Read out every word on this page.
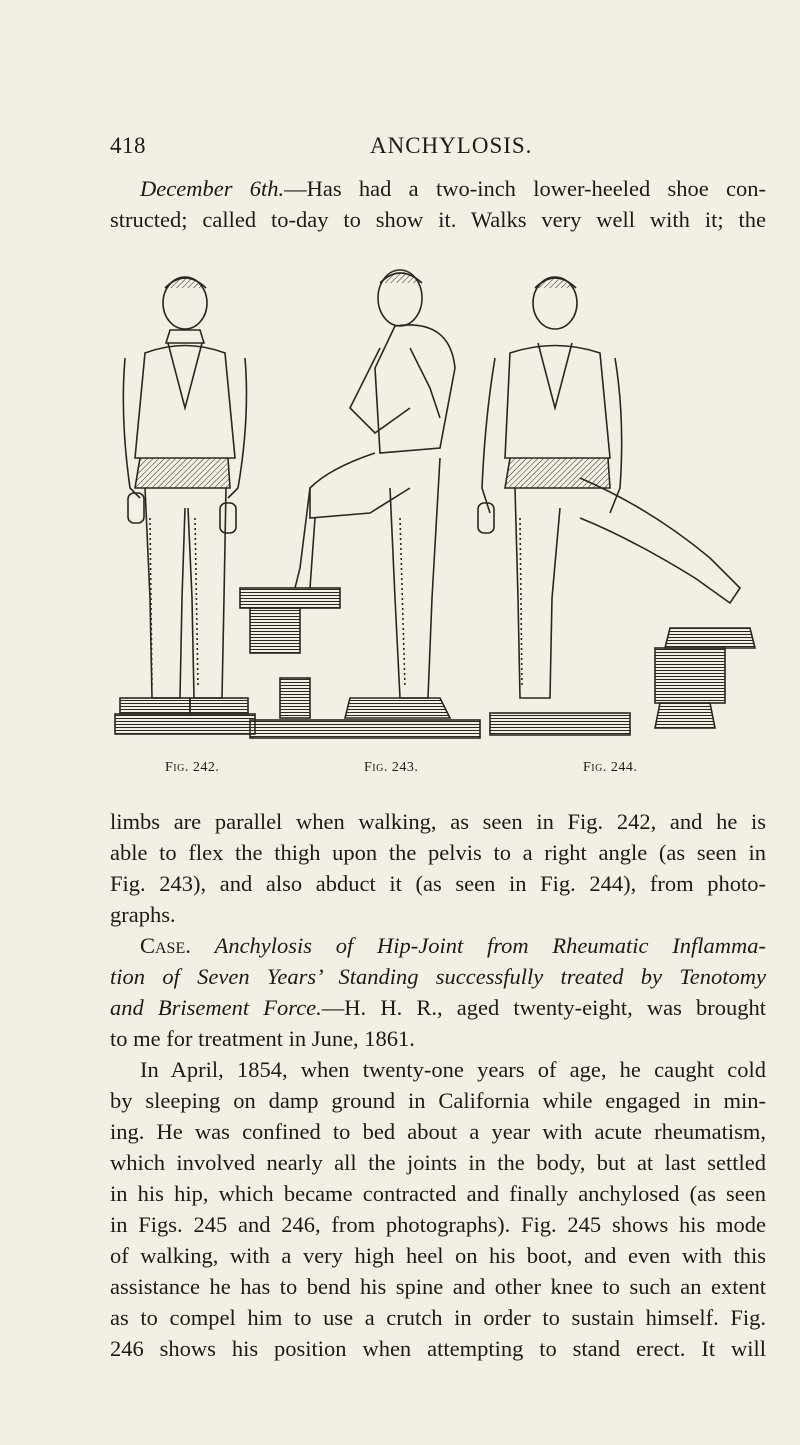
418	ANCHYLOSIS.
December 6th.—Has had a two-inch lower-heeled shoe con-
structed; called to-day to show it. Walks very well with it; the
Fig. 242.	Fig. 243.	Fig. 244.
limbs are parallel when walking, as seen in Fig. 242, and he is
able to flex the thigh upon the pelvis to a right angle (as seen in
Fig. 243), and also abduct it (as seen in Fig. 244), from photo-
graphs.
Case. Anchylosis of Hip-Joint from Rheumatic Inflamma-
tion of Seven Years’ Standing successfully treated by Tenotomy
and Brisement Force.—H. H. R., aged twenty-eight, was brought
to me for treatment in June, 1861.
In April, 1854, when twenty-one years of age, he caught cold
by sleeping on damp ground in California while engaged in min-
ing. He was confined to bed about a year with acute rheumatism,
which involved nearly all the joints in the body, but at last settled
in his hip, which became contracted and finally anchylosed (as seen
in Figs. 245 and 246, from photographs). Fig. 245 shows his mode
of walking, with a very high heel on his boot, and even with this
assistance he has to bend his spine and other knee to such an extent
as to compel him to use a crutch in order to sustain himself. Fig.
246 shows his position when attempting to stand erect. It will
